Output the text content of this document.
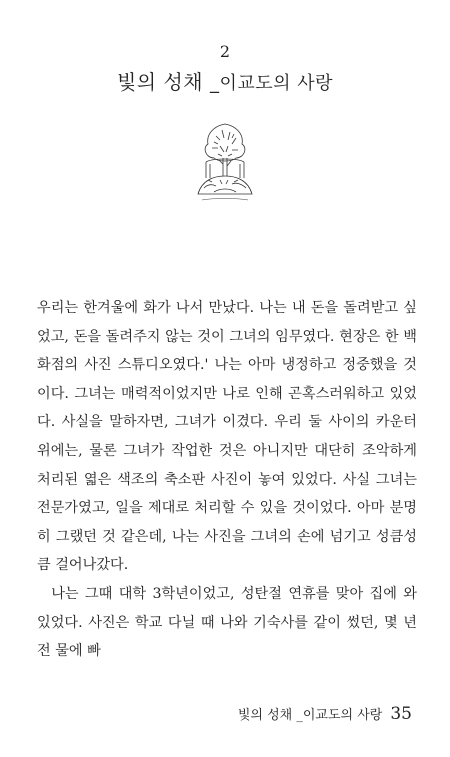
2
빛의 성채 _이교도의 사랑

우리는 한겨울에 화가 나서 만났다. 나는 내 돈을 돌려받고 싶었고, 돈을 돌려주지 않는 것이 그녀의 임무였다. 현장은 한 백화점의 사진 스튜디오였다.' 나는 아마 냉정하고 정중했을 것이다. 그녀는 매력적이었지만 나로 인해 곤혹스러워하고 있었다. 사실을 말하자면, 그녀가 이겼다. 우리 둘 사이의 카운터 위에는, 물론 그녀가 작업한 것은 아니지만 대단히 조악하게 처리된 엷은 색조의 축소판 사진이 놓여 있었다. 사실 그녀는 전문가였고, 일을 제대로 처리할 수 있을 것이었다. 아마 분명히 그랬던 것 같은데, 나는 사진을 그녀의 손에 넘기고 성큼성큼 걸어나갔다.

나는 그때 대학 3학년이었고, 성탄절 연휴를 맞아 집에 와 있었다. 사진은 학교 다닐 때 나와 기숙사를 같이 썼던, 몇 년 전 물에 빠

빛의 성채 _이교도의 사랑 35
